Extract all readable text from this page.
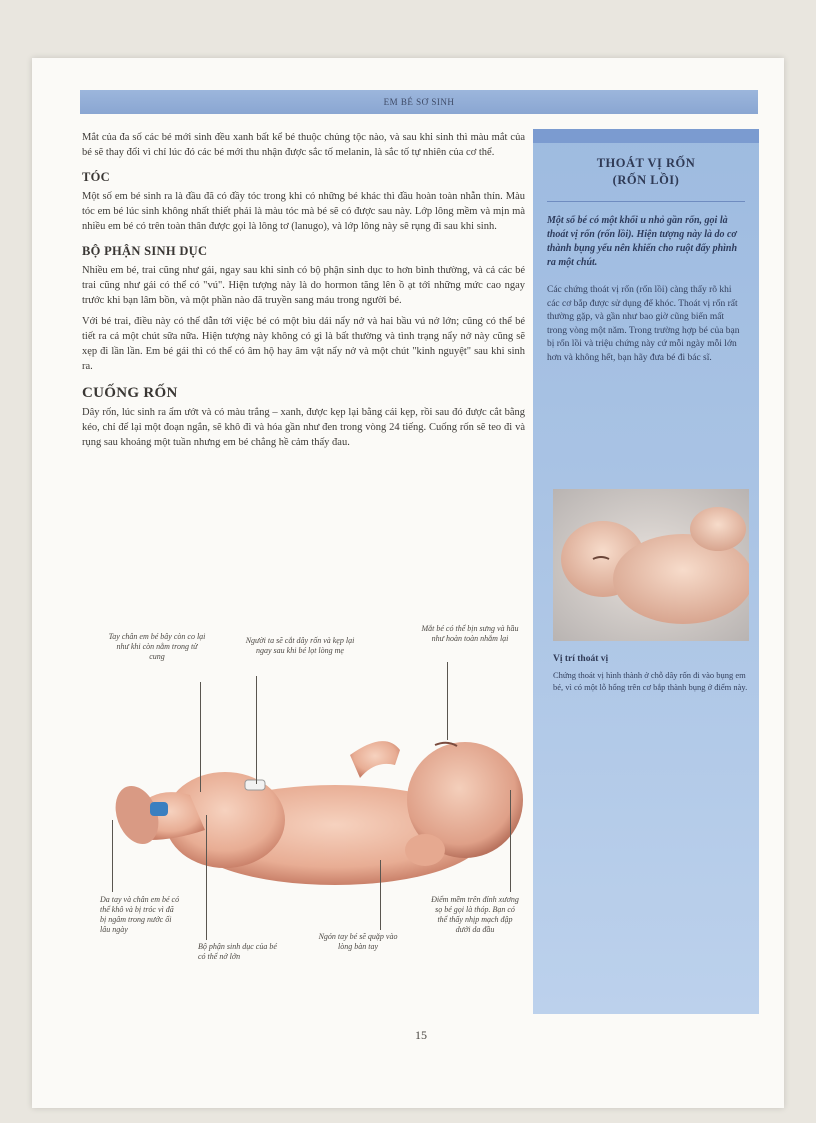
EM BÉ SƠ SINH

Mắt của đa số các bé mới sinh đều xanh bất kể bé thuộc chủng tộc nào, và sau khi sinh thì màu mắt của bé sẽ thay đổi vì chỉ lúc đó các bé mới thu nhận được sắc tố melanin, là sắc tố tự nhiên của cơ thể.

TÓC

Một số em bé sinh ra là đầu đã có đầy tóc trong khi có những bé khác thì đầu hoàn toàn nhẵn thín. Màu tóc em bé lúc sinh không nhất thiết phải là màu tóc mà bé sẽ có được sau này. Lớp lông mềm và mịn mà nhiều em bé có trên toàn thân được gọi là lông tơ (lanugo), và lớp lông này sẽ rụng đi sau khi sinh.

BỘ PHẬN SINH DỤC

Nhiều em bé, trai cũng như gái, ngay sau khi sinh có bộ phận sinh dục to hơn bình thường, và cả các bé trai cũng như gái có thể có "vú". Hiện tượng này là do hormon tăng lên ồ ạt tới những mức cao ngay trước khi bạn lâm bồn, và một phần nào đã truyền sang máu trong người bé.

Với bé trai, điều này có thể dẫn tới việc bé có một bìu dái nẩy nở và hai bầu vú nở lớn; cũng có thể bé tiết ra cả một chút sữa nữa. Hiện tượng này không có gì là bất thường và tình trạng nẩy nở này cũng sẽ xẹp đi lần lần. Em bé gái thì có thể có âm hộ hay âm vật nẩy nở và một chút "kinh nguyệt" sau khi sinh ra.

CUỐNG RỐN

Dây rốn, lúc sinh ra ẩm ướt và có màu trắng – xanh, được kẹp lại bằng cái kẹp, rồi sau đó được cắt bằng kéo, chỉ để lại một đoạn ngắn, sẽ khô đi và hóa gần như đen trong vòng 24 tiếng. Cuống rốn sẽ teo đi và rụng sau khoảng một tuần nhưng em bé chẳng hề cảm thấy đau.

Tay chân em bé bây còn co lại như khi còn nằm trong tử cung
Người ta sẽ cắt dây rốn và kẹp lại ngay sau khi bé lọt lòng mẹ
Mắt bé có thể bịn sưng và hầu như hoàn toàn nhắm lại
Da tay và chân em bé có thể khô và bị tróc vì đã bị ngâm trong nước ối lâu ngày
Bộ phận sinh dục của bé có thể nở lớn
Ngón tay bé sẽ quặp vào lòng bàn tay
Điểm mềm trên đỉnh xương sọ bé gọi là thóp. Bạn có thể thấy nhịp mạch đập dưới da đầu
THOÁT VỊ RỐN
(RỐN LỒI)
Một số bé có một khối u nhỏ gần rốn, gọi là thoát vị rốn (rốn lồi). Hiện tượng này là do cơ thành bụng yếu nên khiến cho ruột đẩy phình ra một chút.
Các chứng thoát vị rốn (rốn lồi) càng thấy rõ khi các cơ bắp được sử dụng để khóc. Thoát vị rốn rất thường gặp, và gần như bao giờ cũng biến mất trong vòng một năm. Trong trường hợp bé của bạn bị rốn lồi và triệu chứng này cứ mỗi ngày mỗi lớn hơn và không hết, bạn hãy đưa bé đi bác sĩ.
Vị trí thoát vị
Chứng thoát vị hình thành ở chỗ dây rốn đi vào bụng em bé, vì có một lỗ hổng trên cơ bắp thành bụng ở điểm này.
15
